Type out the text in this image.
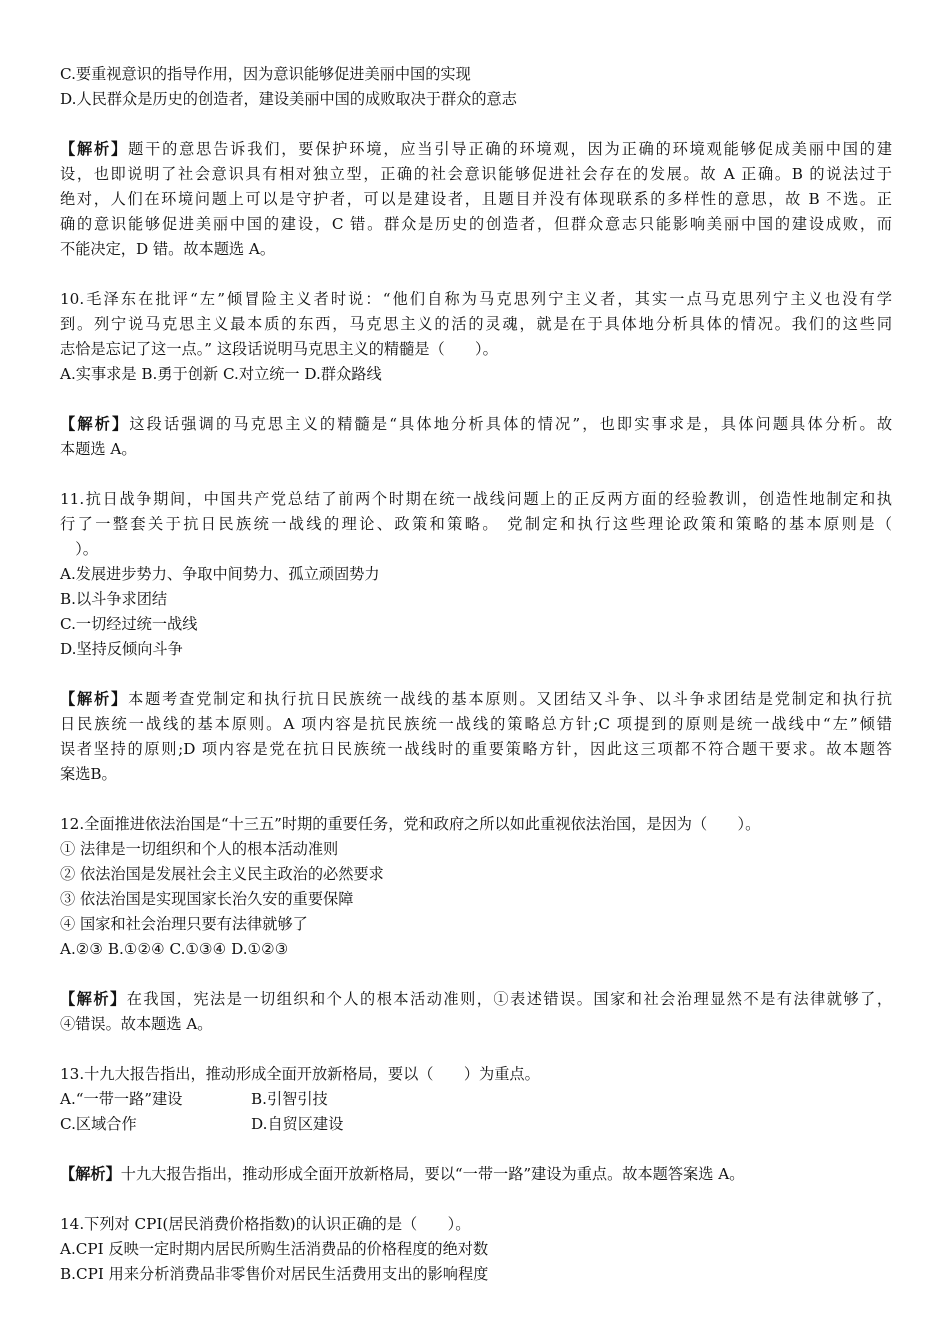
C.要重视意识的指导作用，因为意识能够促进美丽中国的实现
D.人民群众是历史的创造者，建设美丽中国的成败取决于群众的意志
【解析】题干的意思告诉我们，要保护环境，应当引导正确的环境观，因为正确的环境观能够促成美丽中国的建
设，也即说明了社会意识具有相对独立型，正确的社会意识能够促进社会存在的发展。故 A 正确。B 的说法过于
绝对，人们在环境问题上可以是守护者，可以是建设者，且题目并没有体现联系的多样性的意思，故 B 不选。正
确的意识能够促进美丽中国的建设，C 错。群众是历史的创造者，但群众意志只能影响美丽中国的建设成败，而
不能决定，D 错。故本题选 A。
10.毛泽东在批评“左”倾冒险主义者时说：“他们自称为马克思列宁主义者，其实一点马克思列宁主义也没有学
到。列宁说马克思主义最本质的东西，马克思主义的活的灵魂，就是在于具体地分析具体的情况。我们的这些同
志恰是忘记了这一点。” 这段话说明马克思主义的精髓是（　　）。
A.实事求是 B.勇于创新 C.对立统一 D.群众路线
【解析】这段话强调的马克思主义的精髓是“具体地分析具体的情况”，也即实事求是，具体问题具体分析。故
本题选 A。
11.抗日战争期间，中国共产党总结了前两个时期在统一战线问题上的正反两方面的经验教训，创造性地制定和执
行了一整套关于抗日民族统一战线的理论、政策和策略。 党制定和执行这些理论政策和策略的基本原则是（
　）。
A.发展进步势力、争取中间势力、孤立顽固势力
B.以斗争求团结
C.一切经过统一战线
D.坚持反倾向斗争
【解析】本题考查党制定和执行抗日民族统一战线的基本原则。又团结又斗争、以斗争求团结是党制定和执行抗
日民族统一战线的基本原则。A 项内容是抗民族统一战线的策略总方针;C 项提到的原则是统一战线中“左”倾错
误者坚持的原则;D 项内容是党在抗日民族统一战线时的重要策略方针，因此这三项都不符合题干要求。故本题答
案选B。
12.全面推进依法治国是“十三五”时期的重要任务，党和政府之所以如此重视依法治国，是因为（　　）。
① 法律是一切组织和个人的根本活动准则
② 依法治国是发展社会主义民主政治的必然要求
③ 依法治国是实现国家长治久安的重要保障
④ 国家和社会治理只要有法律就够了
A.②③ B.①②④ C.①③④ D.①②③
【解析】在我国，宪法是一切组织和个人的根本活动准则，①表述错误。国家和社会治理显然不是有法律就够了，
④错误。故本题选 A。
13.十九大报告指出，推动形成全面开放新格局，要以（　　）为重点。
A.“一带一路”建设	B.引智引技
C.区域合作	D.自贸区建设
【解析】十九大报告指出，推动形成全面开放新格局，要以“一带一路”建设为重点。故本题答案选 A。
14.下列对 CPI(居民消费价格指数)的认识正确的是（　　）。
A.CPI 反映一定时期内居民所购生活消费品的价格程度的绝对数
B.CPI 用来分析消费品非零售价对居民生活费用支出的影响程度
